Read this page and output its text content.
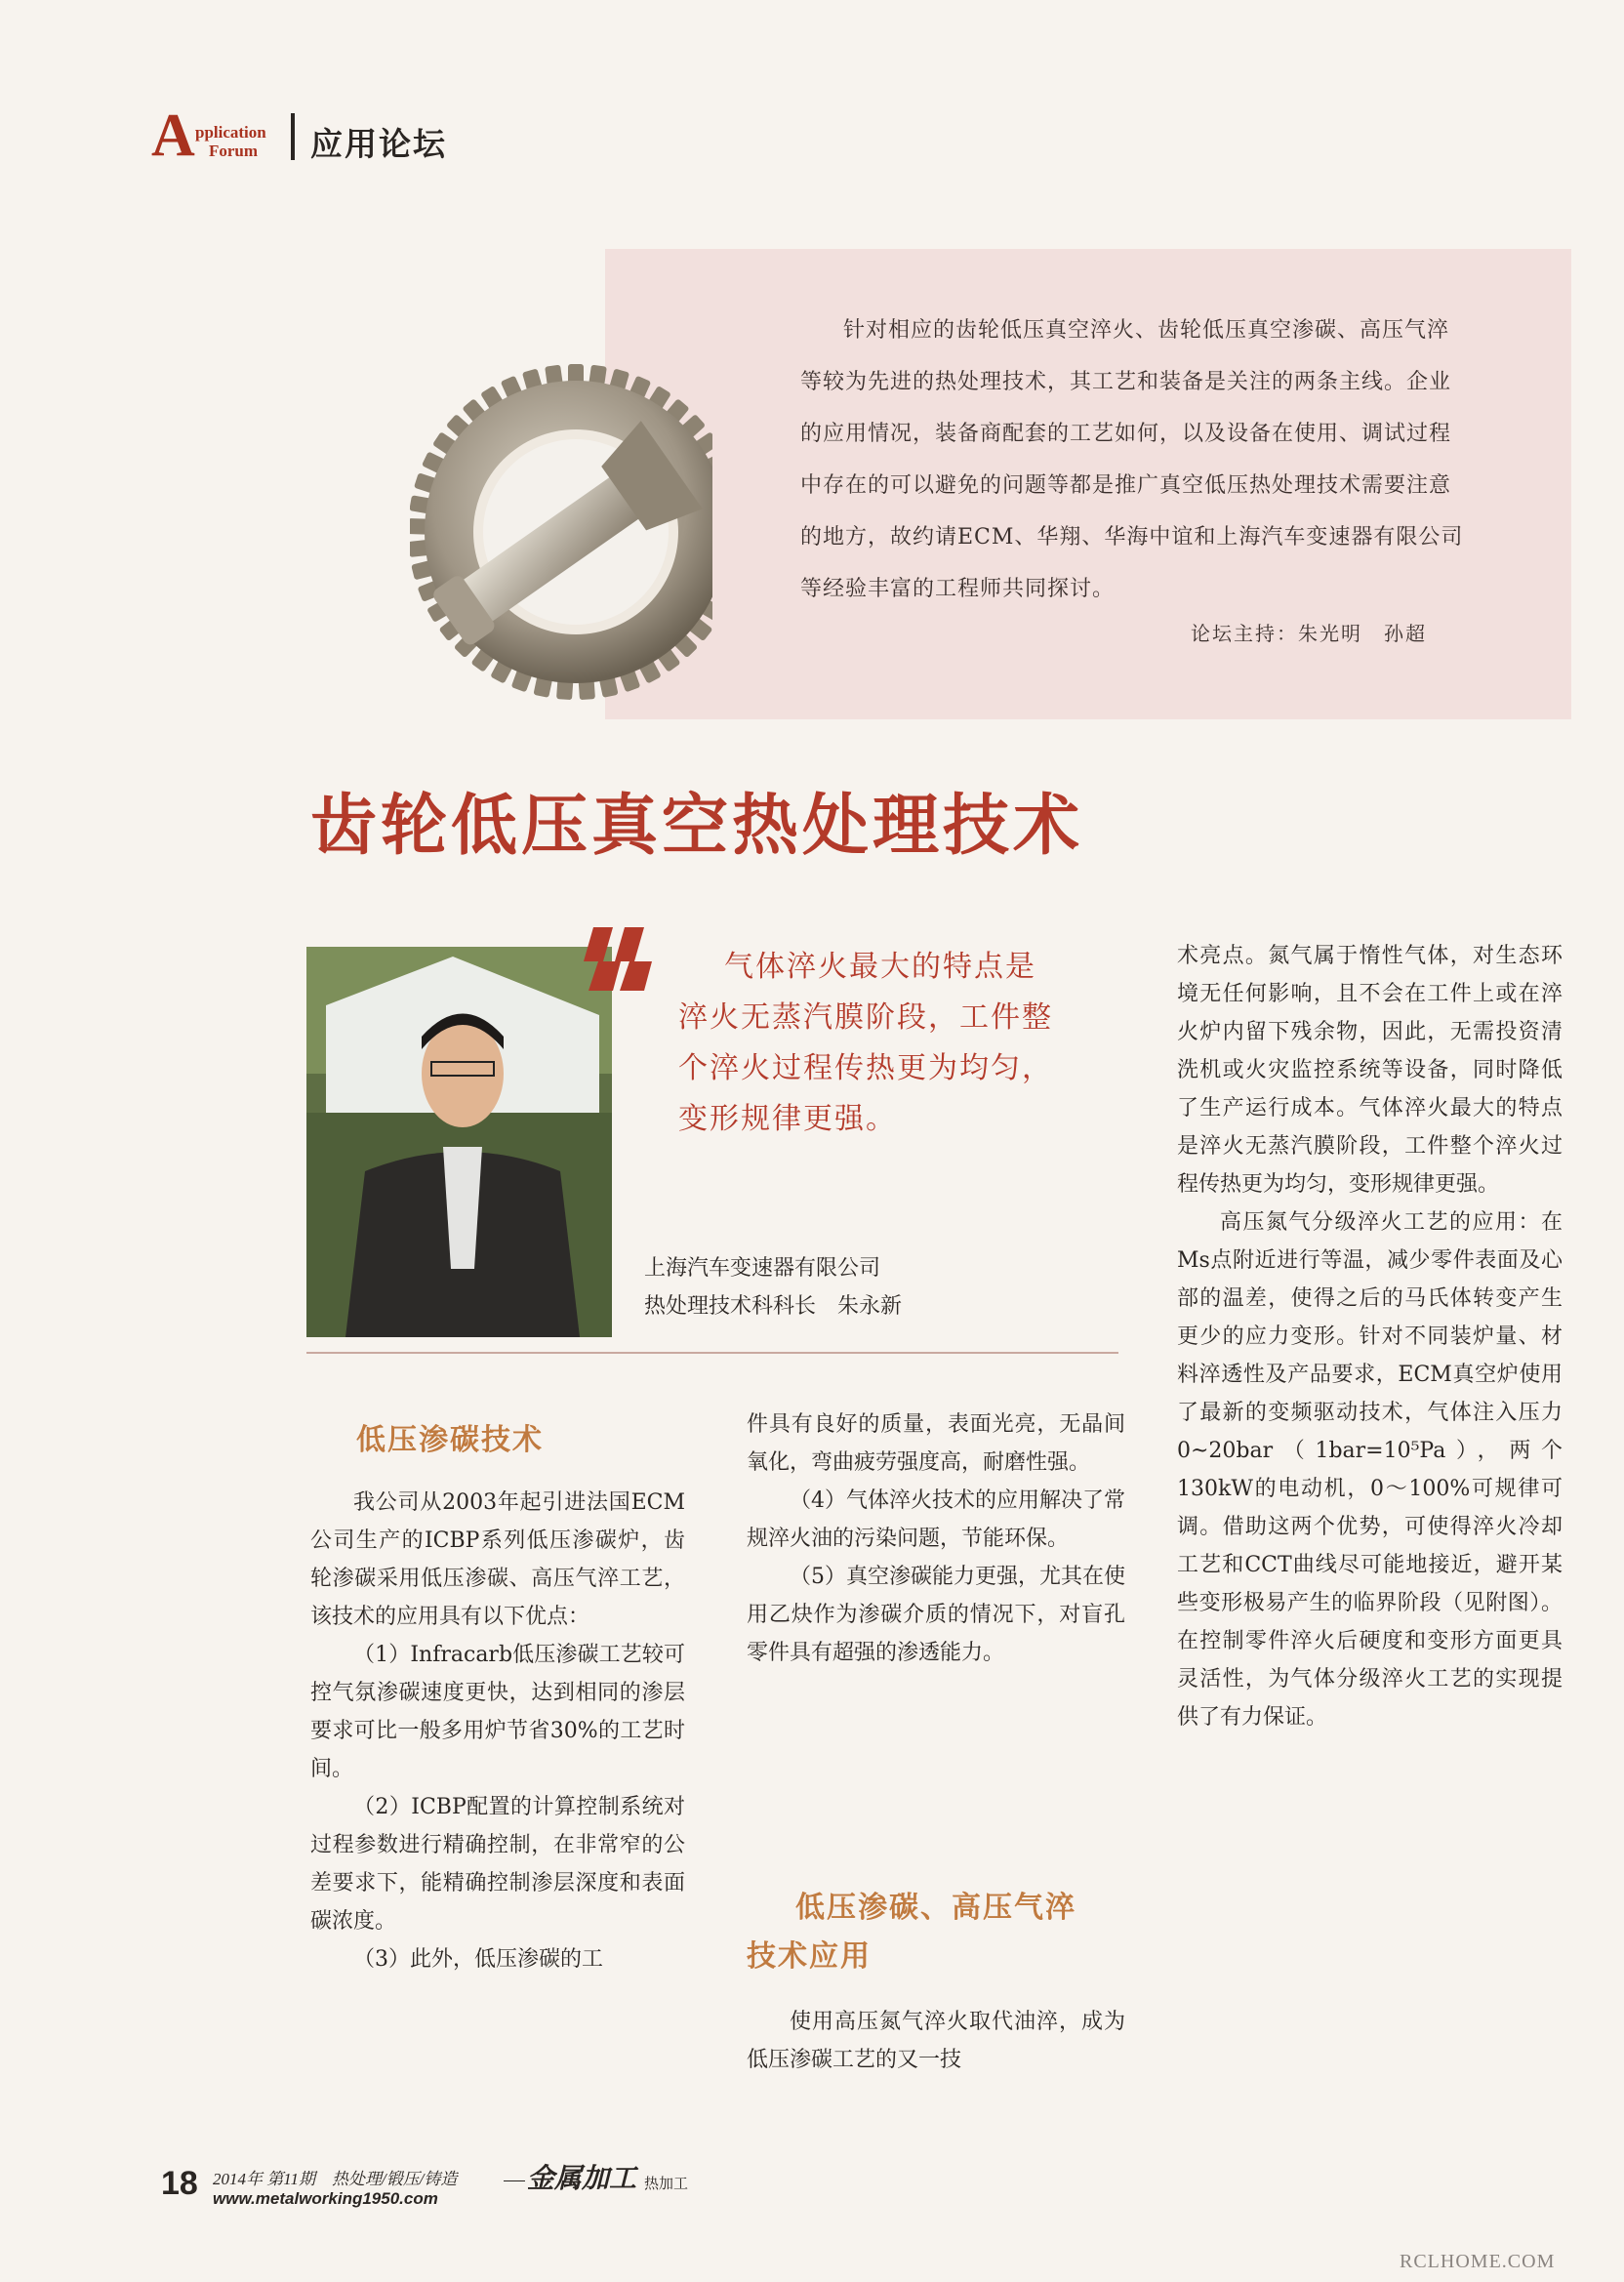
A pplication
Forum 应用论坛
针对相应的齿轮低压真空淬火、齿轮低压真空渗碳、高压气淬
等较为先进的热处理技术，其工艺和装备是关注的两条主线。企业
的应用情况，装备商配套的工艺如何，以及设备在使用、调试过程
中存在的可以避免的问题等都是推广真空低压热处理技术需要注意
的地方，故约请ECM、华翔、华海中谊和上海汽车变速器有限公司
等经验丰富的工程师共同探讨。
论坛主持：朱光明　孙超
齿轮低压真空热处理技术
气体淬火最大的特点是
淬火无蒸汽膜阶段，工件整
个淬火过程传热更为均匀，
变形规律更强。
上海汽车变速器有限公司
热处理技术科科长　朱永新
低压渗碳技术

我公司从2003年起引进法国ECM公司生产的ICBP系列低压渗碳炉，齿轮渗碳采用低压渗碳、高压气淬工艺，该技术的应用具有以下优点：

（1）Infracarb低压渗碳工艺较可控气氛渗碳速度更快，达到相同的渗层要求可比一般多用炉节省30%的工艺时间。

（2）ICBP配置的计算控制系统对过程参数进行精确控制，在非常窄的公差要求下，能精确控制渗层深度和表面碳浓度。

（3）此外，低压渗碳的工

件具有良好的质量，表面光亮，无晶间氧化，弯曲疲劳强度高，耐磨性强。

（4）气体淬火技术的应用解决了常规淬火油的污染问题，节能环保。

（5）真空渗碳能力更强，尤其在使用乙炔作为渗碳介质的情况下，对盲孔零件具有超强的渗透能力。

低压渗碳、高压气淬
技术应用

使用高压氮气淬火取代油淬，成为低压渗碳工艺的又一技

术亮点。氮气属于惰性气体，对生态环境无任何影响，且不会在工件上或在淬火炉内留下残余物，因此，无需投资清洗机或火灾监控系统等设备，同时降低了生产运行成本。气体淬火最大的特点是淬火无蒸汽膜阶段，工件整个淬火过程传热更为均匀，变形规律更强。

高压氮气分级淬火工艺的应用：在Ms点附近进行等温，减少零件表面及心部的温差，使得之后的马氏体转变产生更少的应力变形。针对不同装炉量、材料淬透性及产品要求，ECM真空炉使用了最新的变频驱动技术，气体注入压力0~20bar（1bar=10⁵Pa），两个130kW的电动机，0～100%可规律可调。借助这两个优势，可使得淬火冷却工艺和CCT曲线尽可能地接近，避开某些变形极易产生的临界阶段（见附图）。在控制零件淬火后硬度和变形方面更具灵活性，为气体分级淬火工艺的实现提供了有力保证。

18 2014年 第11期　热处理/锻压/铸造
www.metalworking1950.com
金属加工 热加工
RCLHOME.COM
